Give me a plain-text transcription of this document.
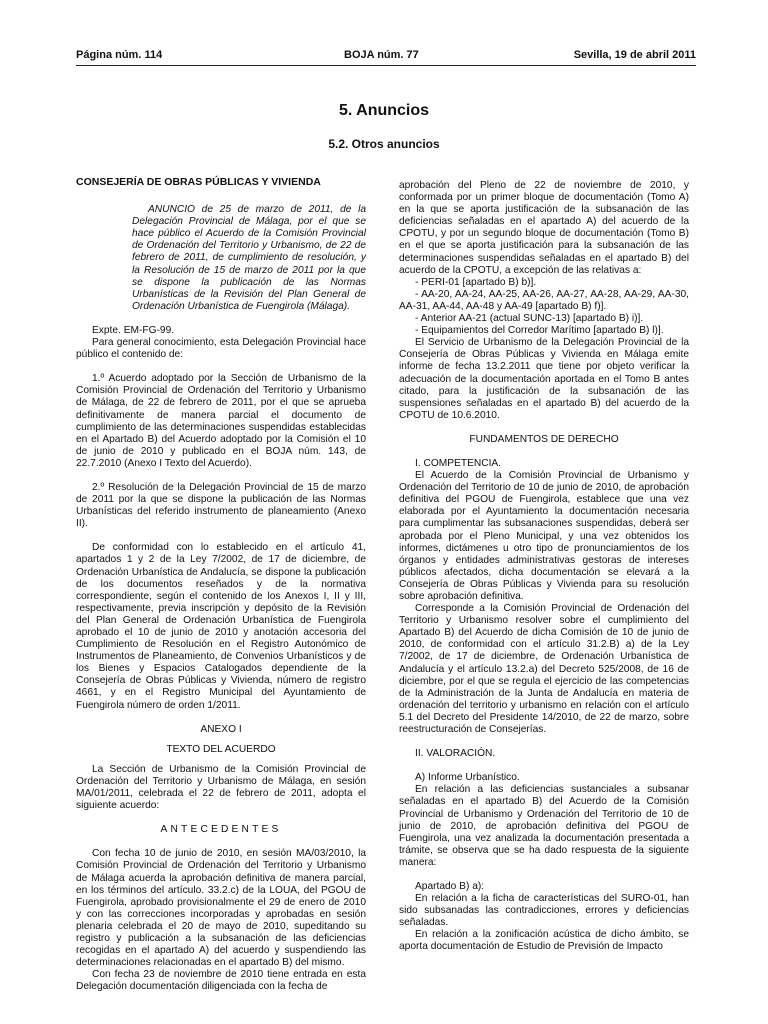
Página núm. 114	BOJA núm. 77	Sevilla, 19 de abril 2011
5. Anuncios
5.2. Otros anuncios

CONSEJERÍA DE OBRAS PÚBLICAS Y VIVIENDA

ANUNCIO de 25 de marzo de 2011, de la Delegación Provincial de Málaga, por el que se hace público el Acuerdo de la Comisión Provincial de Ordenación del Territorio y Urbanismo, de 22 de febrero de 2011, de cumplimiento de resolución, y la Resolución de 15 de marzo de 2011 por la que se dispone la publicación de las Normas Urbanísticas de la Revisión del Plan General de Ordenación Urbanística de Fuengirola (Málaga).

Expte. EM-FG-99.

Para general conocimiento, esta Delegación Provincial hace público el contenido de:

1.º Acuerdo adoptado por la Sección de Urbanismo de la Comisión Provincial de Ordenación del Territorio y Urbanismo de Málaga, de 22 de febrero de 2011, por el que se aprueba definitivamente de manera parcial el documento de cumplimiento de las determinaciones suspendidas establecidas en el Apartado B) del Acuerdo adoptado por la Comisión el 10 de junio de 2010 y publicado en el BOJA núm. 143, de 22.7.2010 (Anexo I Texto del Acuerdo).

2.º Resolución de la Delegación Provincial de 15 de marzo de 2011 por la que se dispone la publicación de las Normas Urbanísticas del referido instrumento de planeamiento (Anexo II).

De conformidad con lo establecido en el artículo 41, apartados 1 y 2 de la Ley 7/2002, de 17 de diciembre, de Ordenación Urbanística de Andalucía, se dispone la publicación de los documentos reseñados y de la normativa correspondiente, según el contenido de los Anexos I, II y III, respectivamente, previa inscripción y depósito de la Revisión del Plan General de Ordenación Urbanística de Fuengirola aprobado el 10 de junio de 2010 y anotación accesoria del Cumplimiento de Resolución en el Registro Autonómico de Instrumentos de Planeamiento, de Convenios Urbanísticos y de los Bienes y Espacios Catalogados dependiente de la Consejería de Obras Públicas y Vivienda, número de registro 4661, y en el Registro Municipal del Ayuntamiento de Fuengirola número de orden 1/2011.

ANEXO I

TEXTO DEL ACUERDO

La Sección de Urbanismo de la Comisión Provincial de Ordenación del Territorio y Urbanismo de Málaga, en sesión MA/01/2011, celebrada el 22 de febrero de 2011, adopta el siguiente acuerdo:

ANTECEDENTES

Con fecha 10 de junio de 2010, en sesión MA/03/2010, la Comisión Provincial de Ordenación del Territorio y Urbanismo de Málaga acuerda la aprobación definitiva de manera parcial, en los términos del artículo. 33.2.c) de la LOUA, del PGOU de Fuengirola, aprobado provisionalmente el 29 de enero de 2010 y con las correcciones incorporadas y aprobadas en sesión plenaria celebrada el 20 de mayo de 2010, supeditando su registro y publicación a la subsanación de las deficiencias recogidas en el apartado A) del acuerdo y suspendiendo las determinaciones relacionadas en el apartado B) del mismo.

Con fecha 23 de noviembre de 2010 tiene entrada en esta Delegación documentación diligenciada con la fecha de

aprobación del Pleno de 22 de noviembre de 2010, y conformada por un primer bloque de documentación (Tomo A) en la que se aporta justificación de la subsanación de las deficiencias señaladas en el apartado A) del acuerdo de la CPOTU, y por un segundo bloque de documentación (Tomo B) en el que se aporta justificación para la subsanación de las determinaciones suspendidas señaladas en el apartado B) del acuerdo de la CPOTU, a excepción de las relativas a:

- PERI-01 [apartado B) b)].

- AA-20, AA-24, AA-25, AA-26, AA-27, AA-28, AA-29, AA-30, AA-31, AA-44, AA-48 y AA-49 [apartado B) f)].

- Anterior AA-21 (actual SUNC-13) [apartado B) i)].

- Equipamientos del Corredor Marítimo [apartado B) l)].

El Servicio de Urbanismo de la Delegación Provincial de la Consejería de Obras Públicas y Vivienda en Málaga emite informe de fecha 13.2.2011 que tiene por objeto verificar la adecuación de la documentación aportada en el Tomo B antes citado, para la justificación de la subsanación de las suspensiones señaladas en el apartado B) del acuerdo de la CPOTU de 10.6.2010.

FUNDAMENTOS DE DERECHO

I. COMPETENCIA.

El Acuerdo de la Comisión Provincial de Urbanismo y Ordenación del Territorio de 10 de junio de 2010, de aprobación definitiva del PGOU de Fuengirola, establece que una vez elaborada por el Ayuntamiento la documentación necesaria para cumplimentar las subsanaciones suspendidas, deberá ser aprobada por el Pleno Municipal, y una vez obtenidos los informes, dictámenes u otro tipo de pronunciamientos de los órganos y entidades administrativas gestoras de intereses públicos afectados, dicha documentación se elevará a la Consejería de Obras Públicas y Vivienda para su resolución sobre aprobación definitiva.

Corresponde a la Comisión Provincial de Ordenación del Territorio y Urbanismo resolver sobre el cumplimiento del Apartado B) del Acuerdo de dicha Comisión de 10 de junio de 2010, de conformidad con el artículo 31.2.B) a) de la Ley 7/2002, de 17 de diciembre, de Ordenación Urbanística de Andalucía y el artículo 13.2.a) del Decreto 525/2008, de 16 de diciembre, por el que se regula el ejercicio de las competencias de la Administración de la Junta de Andalucía en materia de ordenación del territorio y urbanismo en relación con el artículo 5.1 del Decreto del Presidente 14/2010, de 22 de marzo, sobre reestructuración de Consejerías.

II. VALORACIÓN.

A) Informe Urbanístico.

En relación a las deficiencias sustanciales a subsanar señaladas en el apartado B) del Acuerdo de la Comisión Provincial de Urbanismo y Ordenación del Territorio de 10 de junio de 2010, de aprobación definitiva del PGOU de Fuengirola, una vez analizada la documentación presentada a trámite, se observa que se ha dado respuesta de la siguiente manera:

Apartado B) a):

En relación a la ficha de características del SURO-01, han sido subsanadas las contradicciones, errores y deficiencias señaladas.

En relación a la zonificación acústica de dicho ámbito, se aporta documentación de Estudio de Previsión de Impacto
